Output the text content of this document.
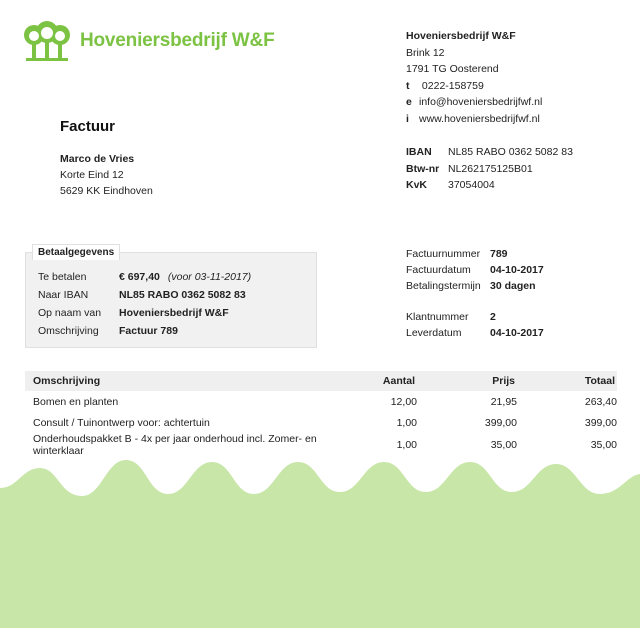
Hoveniersbedrijf W&F	Hoveniersbedrijf W&F
Brink 12
1791 TG Oosterend
t 0222-158759
e info@hoveniersbedrijfwf.nl
i www.hoveniersbedrijfwf.nl
IBAN	NL85 RABO 0362 5082 83
Btw-nr NL262175125B01
KvK	37054004
Factuur
Marco de Vries
Korte Eind 12
5629 KK Eindhoven
Betaalgegevens
Te betalen	€ 697,40 (voor 03-11-2017)
Naar IBAN	NL85 RABO 0362 5082 83
Op naam van	Hoveniersbedrijf W&F
Omschrijving	Factuur 789
Factuurnummer 789
Factuurdatum	04-10-2017
Betalingstermijn 30 dagen
Klantnummer	2
Leverdatum	04-10-2017
Omschrijving	Aantal	Prijs	Totaal
Bomen en planten	12,00	21,95	263,40
Consult / Tuinontwerp voor: achtertuin	1,00	399,00	399,00
Onderhoudspakket B - 4x per jaar onderhoud incl. Zomer- en winterklaar	1,00	35,00	35,00
